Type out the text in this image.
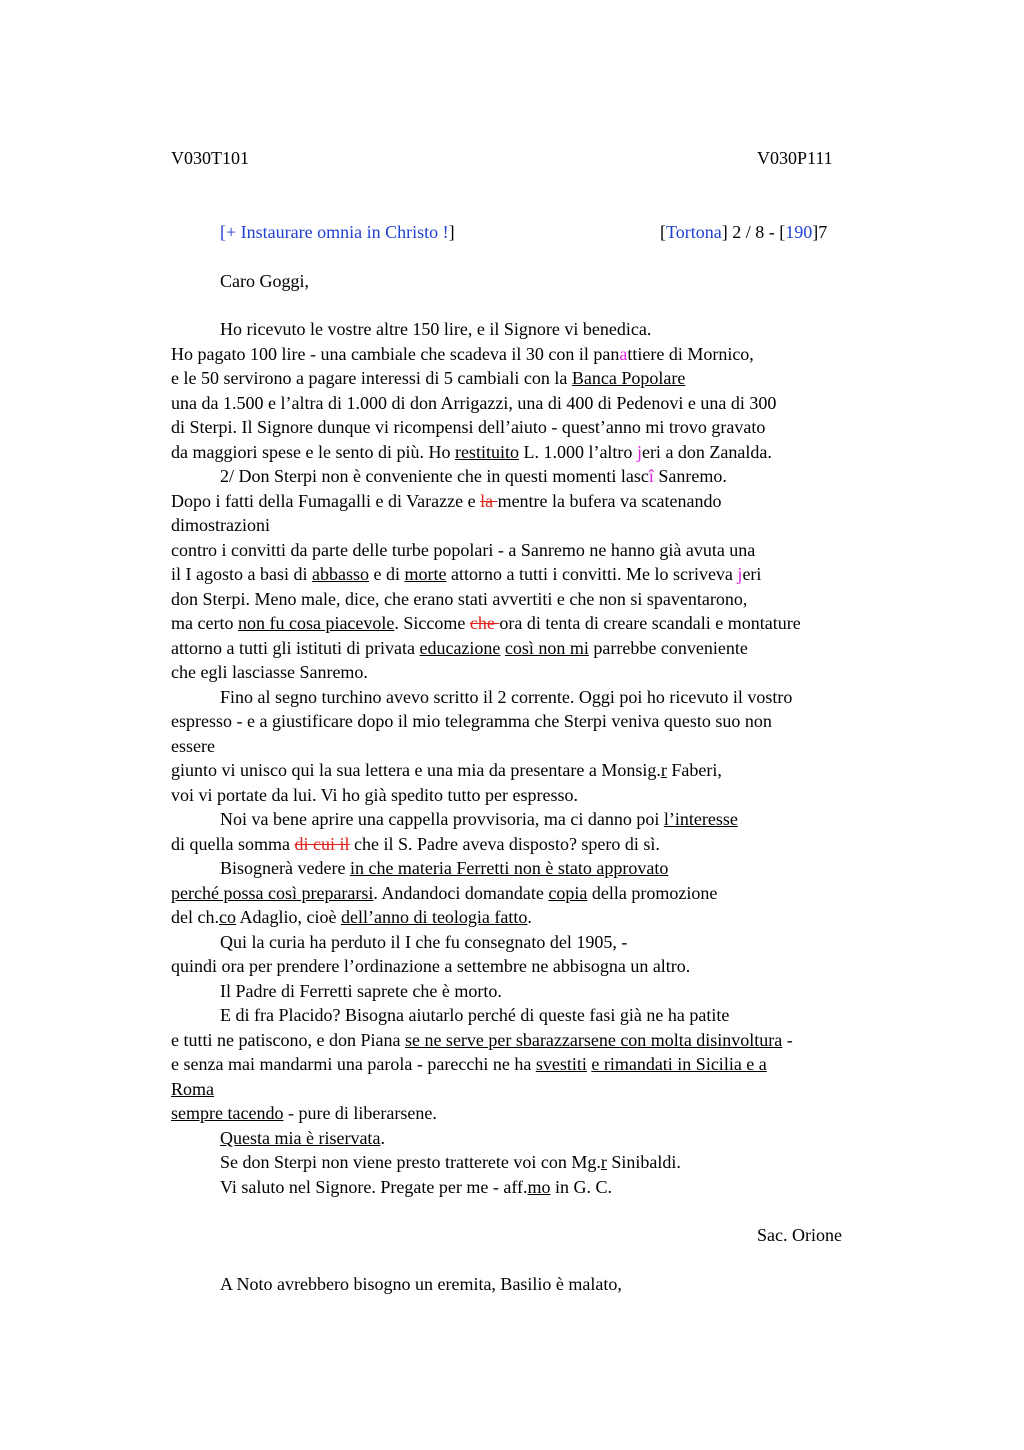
V030T101	V030P111
[+ Instaurare omnia in Christo !]	[Tortona] 2 / 8 - [190]7
Caro Goggi,
Ho ricevuto le vostre altre 150 lire, e il Signore vi benedica.
Ho pagato 100 lire - una cambiale che scadeva il 30 con il panattiere di Mornico,
e le 50 servirono a pagare interessi di 5 cambiali con la Banca Popolare
una da 1.500 e l’altra di 1.000 di don Arrigazzi, una di 400 di Pedenovi e una di 300
di Sterpi. Il Signore dunque vi ricompensi dell’aiuto - quest’anno mi trovo gravato
da maggiori spese e le sento di più. Ho restituito L. 1.000 l’altro jeri a don Zanalda.
2/ Don Sterpi non è conveniente che in questi momenti lascî Sanremo.
Dopo i fatti della Fumagalli e di Varazze e la mentre la bufera va scatenando
dimostrazioni
contro i convitti da parte delle turbe popolari - a Sanremo ne hanno già avuta una
il I agosto a basi di abbasso e di morte attorno a tutti i convitti. Me lo scriveva jeri
don Sterpi. Meno male, dice, che erano stati avvertiti e che non si spaventarono,
ma certo non fu cosa piacevole. Siccome che ora di tenta di creare scandali e montature
attorno a tutti gli istituti di privata educazione così non mi parrebbe conveniente
che egli lasciasse Sanremo.
Fino al segno turchino avevo scritto il 2 corrente. Oggi poi ho ricevuto il vostro
espresso - e a giustificare dopo il mio telegramma che Sterpi veniva questo suo non
essere
giunto vi unisco qui la sua lettera e una mia da presentare a Monsig.r Faberi,
voi vi portate da lui. Vi ho già spedito tutto per espresso.
Noi va bene aprire una cappella provvisoria, ma ci danno poi l’interesse
di quella somma di cui il che il S. Padre aveva disposto? spero di sì.
Bisognerà vedere in che materia Ferretti non è stato approvato
perché possa così prepararsi. Andandoci domandate copia della promozione
del ch.co Adaglio, cioè dell’anno di teologia fatto.
Qui la curia ha perduto il I che fu consegnato del 1905, -
quindi ora per prendere l’ordinazione a settembre ne abbisogna un altro.
Il Padre di Ferretti saprete che è morto.
E di fra Placido? Bisogna aiutarlo perché di queste fasi già ne ha patite
e tutti ne patiscono, e don Piana se ne serve per sbarazzarsene con molta disinvoltura -
e senza mai mandarmi una parola - parecchi ne ha svestiti e rimandati in Sicilia e a
Roma
sempre tacendo - pure di liberarsene.
Questa mia è riservata.
Se don Sterpi non viene presto tratterete voi con Mg.r Sinibaldi.
Vi saluto nel Signore. Pregate per me - aff.mo in G. C.
Sac. Orione
A Noto avrebbero bisogno un eremita, Basilio è malato,
